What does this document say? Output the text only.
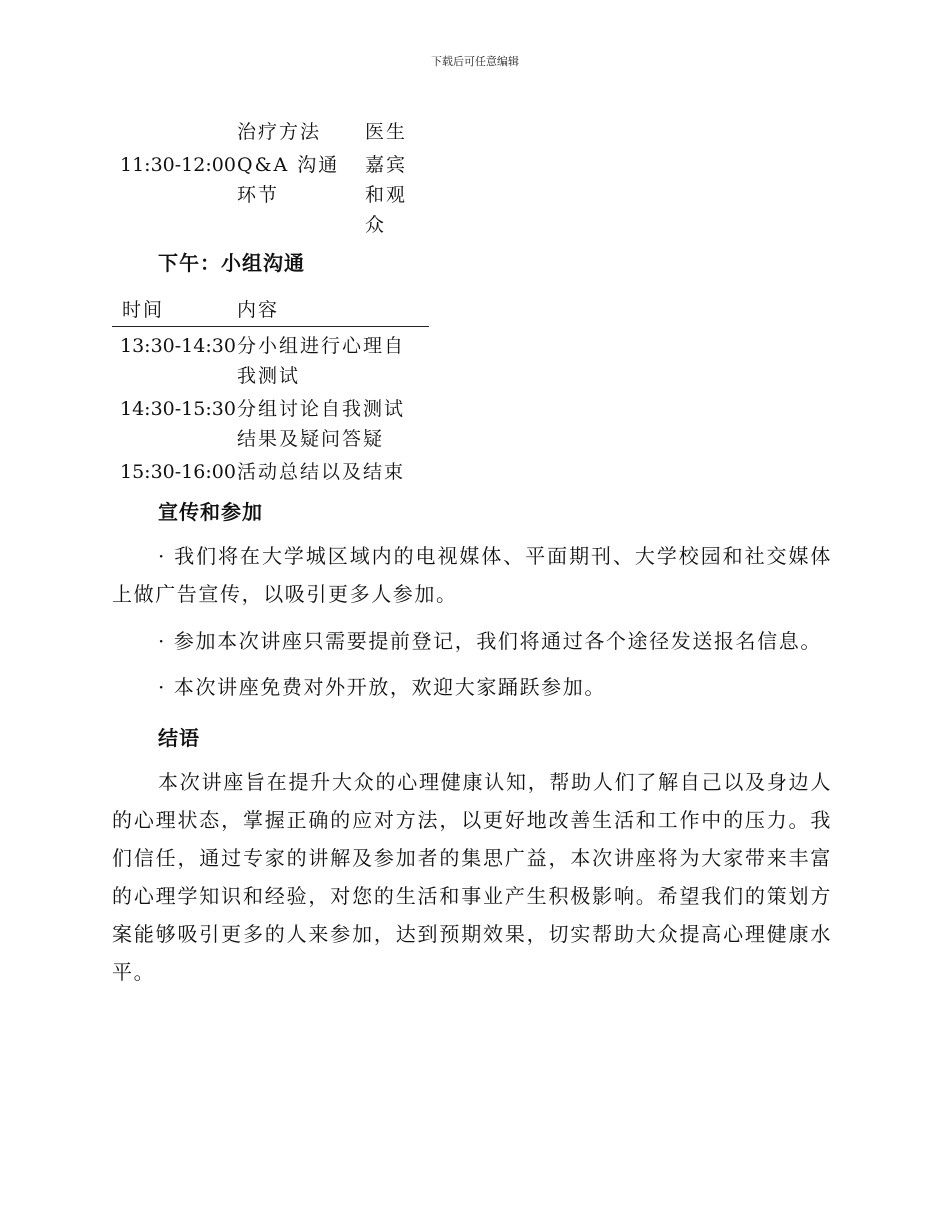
下载后可任意编辑
治疗方法	医生
11:30-12:00 Q&A 沟通环节
嘉宾和观众
下午：小组沟通
时间	内容
13:30-14:30 分小组进行心理自我测试
14:30-15:30 分组讨论自我测试结果及疑问答疑
15:30-16:00 活动总结以及结束
宣传和参加
· 我们将在大学城区域内的电视媒体、平面期刊、大学校园和社交媒体上做广告宣传，以吸引更多人参加。
· 参加本次讲座只需要提前登记，我们将通过各个途径发送报名信息。
· 本次讲座免费对外开放，欢迎大家踊跃参加。
结语
本次讲座旨在提升大众的心理健康认知，帮助人们了解自己以及身边人的心理状态，掌握正确的应对方法，以更好地改善生活和工作中的压力。我们信任，通过专家的讲解及参加者的集思广益，本次讲座将为大家带来丰富的心理学知识和经验，对您的生活和事业产生积极影响。希望我们的策划方案能够吸引更多的人来参加，达到预期效果，切实帮助大众提高心理健康水平。
